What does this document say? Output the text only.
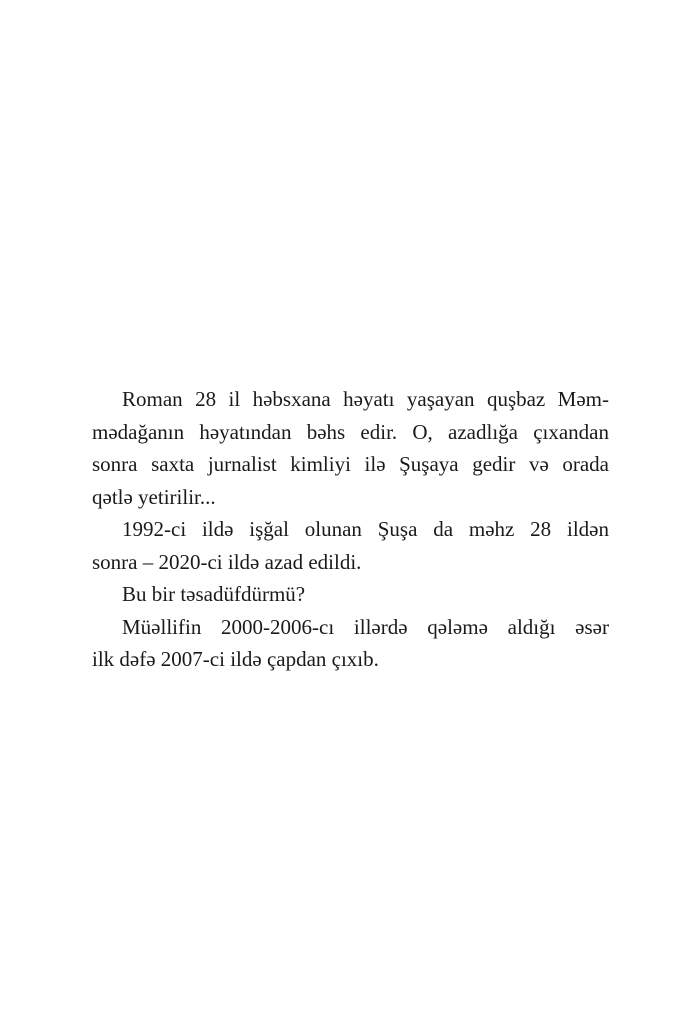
Roman 28 il həbsxana həyatı yaşayan quşbaz Məm-
mədağanın həyatından bəhs edir. O, azadlığa çıxandan
sonra saxta jurnalist kimliyi ilə Şuşaya gedir və orada
qətlə yetirilir...

1992-ci ildə işğal olunan Şuşa da məhz 28 ildən
sonra – 2020-ci ildə azad edildi.

Bu bir təsadüfdürmü?

Müəllifin 2000-2006-cı illərdə qələmə aldığı əsər
ilk dəfə 2007-ci ildə çapdan çıxıb.
